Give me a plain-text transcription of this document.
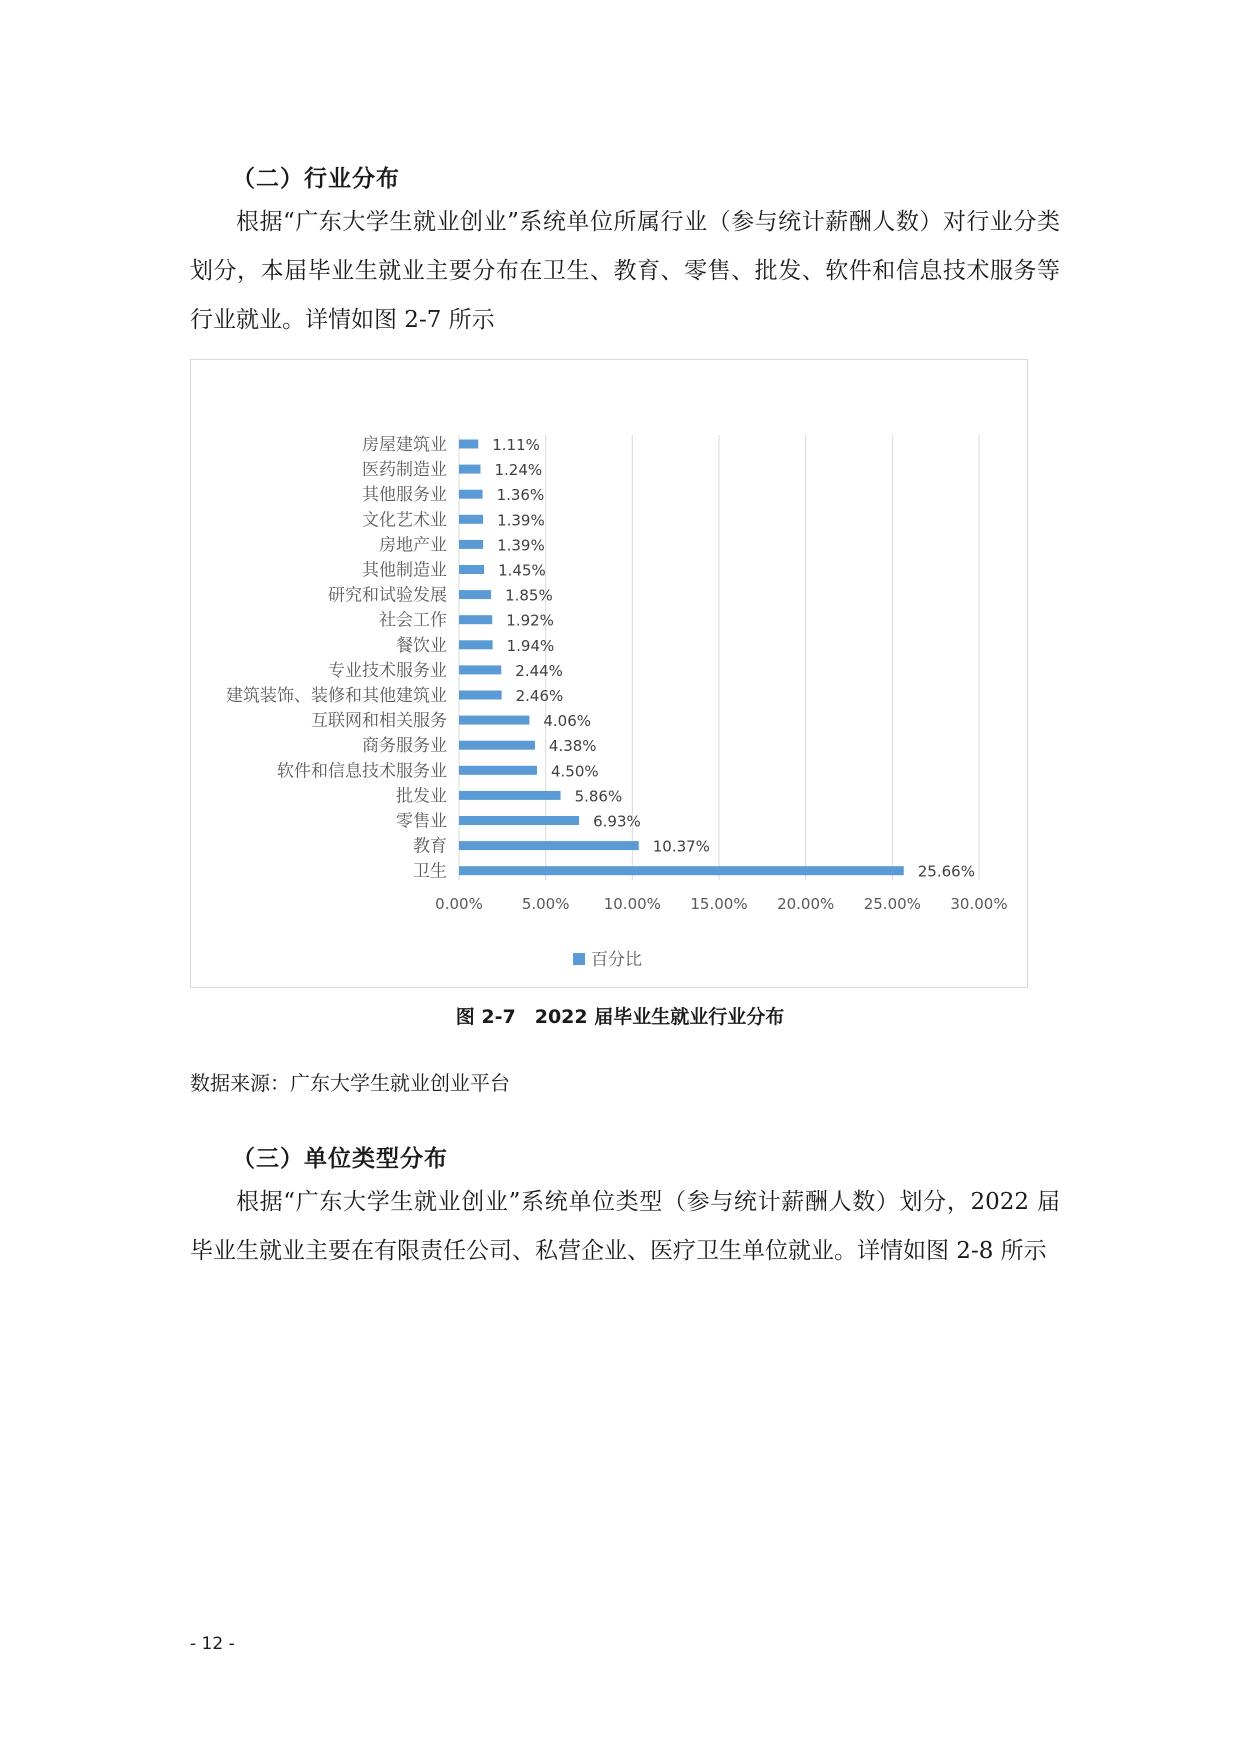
（二）行业分布

根据“广东大学生就业创业”系统单位所属行业（参与统计薪酬人数）对行业分类划分，本届毕业生就业主要分布在卫生、教育、零售、批发、软件和信息技术服务等行业就业。详情如图 2-7 所示

房屋建筑业	1.11%
医药制造业	1.24%
其他服务业	1.36%
文化艺术业	1.39%
房地产业	1.39%
其他制造业	1.45%
研究和试验发展	1.85%
社会工作	1.92%
餐饮业	1.94%
专业技术服务业	2.44%
建筑装饰、装修和其他建筑业	2.46%
互联网和相关服务	4.06%
商务服务业	4.38%
软件和信息技术服务业	4.50%
批发业	5.86%
零售业	6.93%
教育	10.37%
卫生	25.66%
0.00%	5.00% 10.00% 15.00% 20.00% 25.00% 30.00%
百分比
图 2-7　2022 届毕业生就业行业分布
数据来源：广东大学生就业创业平台
（三）单位类型分布

根据“广东大学生就业创业”系统单位类型（参与统计薪酬人数）划分，2022 届毕业生就业主要在有限责任公司、私营企业、医疗卫生单位就业。详情如图 2-8 所示

- 12 -
